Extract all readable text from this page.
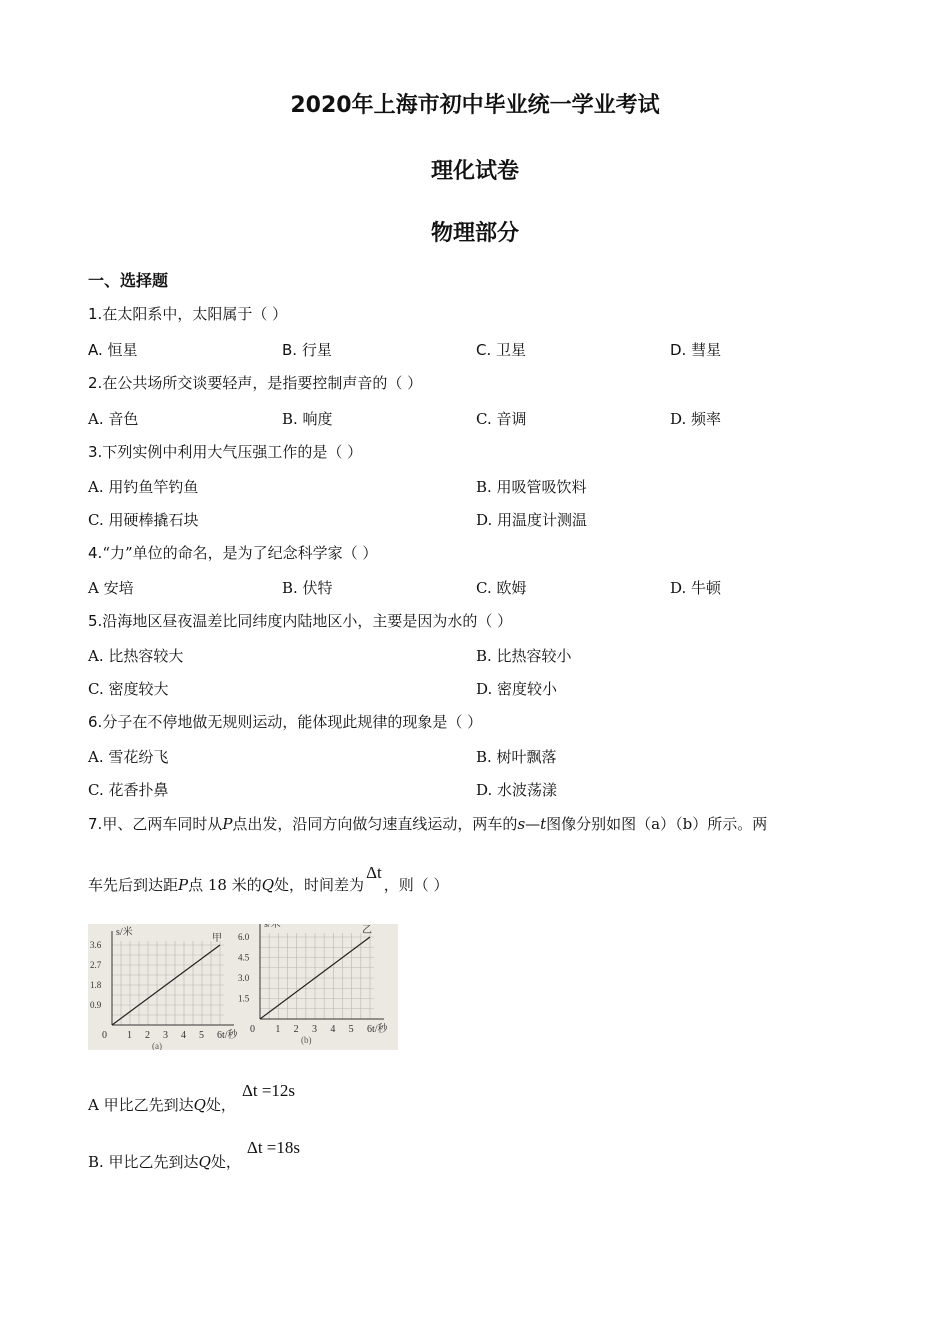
2020年上海市初中毕业统一学业考试
理化试卷
物理部分
一、选择题
1.在太阳系中，太阳属于（ ）
A. 恒星	B. 行星	C. 卫星	D. 彗星
2.在公共场所交谈要轻声，是指要控制声音的（ ）
A. 音色	B. 响度	C. 音调	D. 频率
3.下列实例中利用大气压强工作的是（ ）
A. 用钓鱼竿钓鱼	B. 用吸管吸饮料
C. 用硬棒撬石块	D. 用温度计测温
4.“力”单位的命名，是为了纪念科学家（ ）
A 安培	B. 伏特	C. 欧姆	D. 牛顿
5.沿海地区昼夜温差比同纬度内陆地区小，主要是因为水的（ ）
A. 比热容较大	B. 比热容较小
C. 密度较大	D. 密度较小
6.分子在不停地做无规则运动，能体现此规律的现象是（ ）
A. 雪花纷飞	B. 树叶飘落
C. 花香扑鼻	D. 水波荡漾
7.甲、乙两车同时从P点出发，沿同方向做匀速直线运动，两车的s—t图像分别如图（a）（b）所示。两
车先后到达距P点 18 米的Q处，时间差为Δt，则（ ）
0 1 2 3 4 5 6
0.9
1.8
2.7
3.6
s/米
t/秒
甲
(a)
0 1 2 3 4 5 6
1.5
3.0
4.5
6.0
s/米
t/秒
乙
(b)
A 甲比乙先到达Q处，Δt =12s
B. 甲比乙先到达Q处，Δt =18s
